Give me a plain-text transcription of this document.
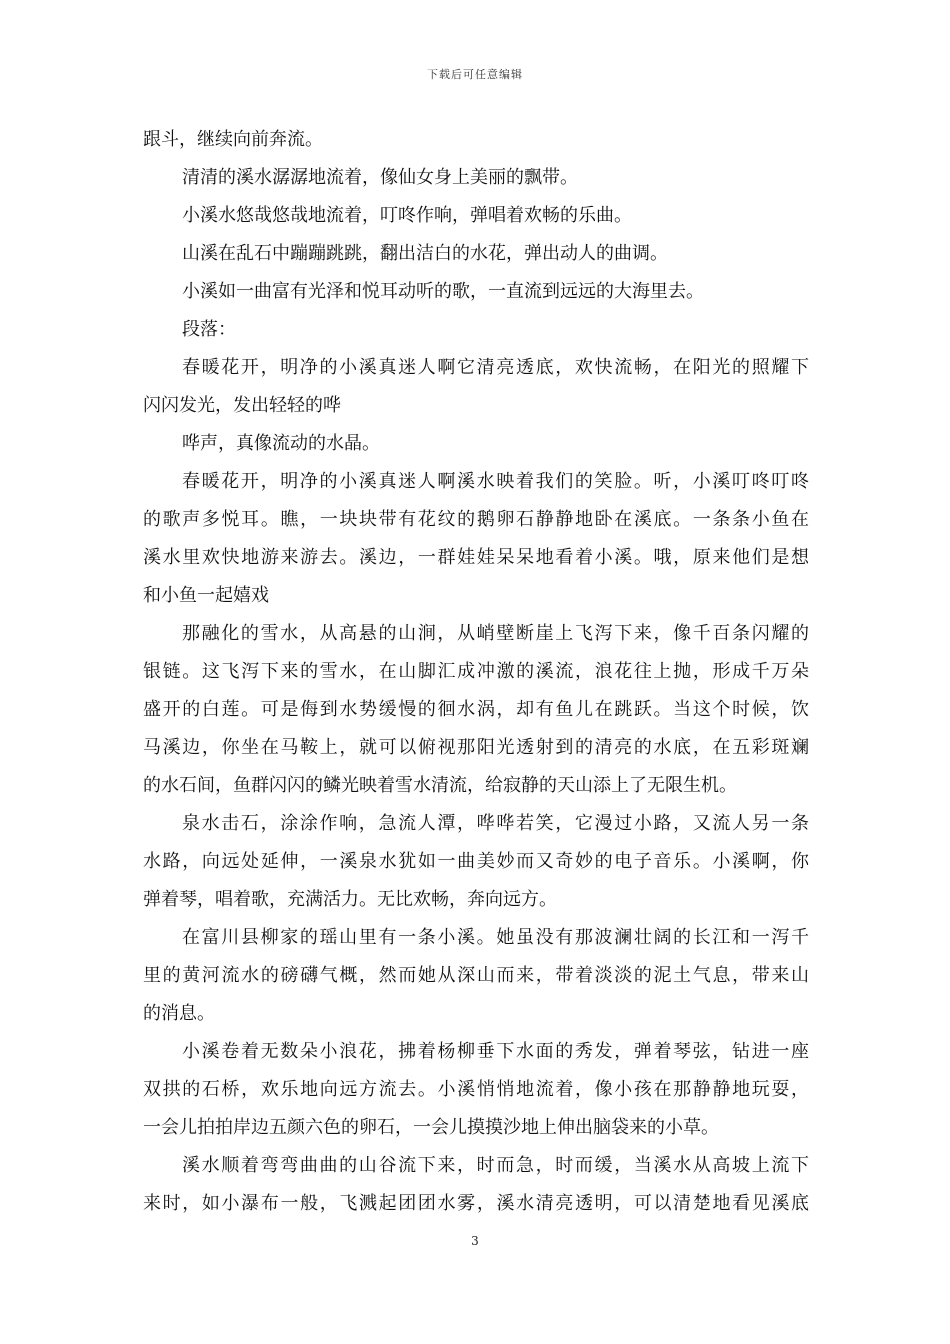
下载后可任意编辑
跟斗，继续向前奔流。
清清的溪水潺潺地流着，像仙女身上美丽的飘带。
小溪水悠哉悠哉地流着，叮咚作响，弹唱着欢畅的乐曲。
山溪在乱石中蹦蹦跳跳，翻出洁白的水花，弹出动人的曲调。
小溪如一曲富有光泽和悦耳动听的歌，一直流到远远的大海里去。
段落：
春暖花开，明净的小溪真迷人啊它清亮透底，欢快流畅，在阳光的照耀下
闪闪发光，发出轻轻的哗
哗声，真像流动的水晶。
春暖花开，明净的小溪真迷人啊溪水映着我们的笑脸。听，小溪叮咚叮咚
的歌声多悦耳。瞧，一块块带有花纹的鹅卵石静静地卧在溪底。一条条小鱼在
溪水里欢快地游来游去。溪边，一群娃娃呆呆地看着小溪。哦，原来他们是想
和小鱼一起嬉戏
那融化的雪水，从高悬的山涧，从峭壁断崖上飞泻下来，像千百条闪耀的
银链。这飞泻下来的雪水，在山脚汇成冲激的溪流，浪花往上抛，形成千万朵
盛开的白莲。可是侮到水势缓慢的徊水涡，却有鱼儿在跳跃。当这个时候，饮
马溪边，你坐在马鞍上，就可以俯视那阳光透射到的清亮的水底，在五彩斑斓
的水石间，鱼群闪闪的鳞光映着雪水清流，给寂静的天山添上了无限生机。
泉水击石，涂涂作响，急流人潭，哗哗若笑，它漫过小路，又流人另一条
水路，向远处延伸，一溪泉水犹如一曲美妙而又奇妙的电子音乐。小溪啊，你
弹着琴，唱着歌，充满活力。无比欢畅，奔向远方。
在富川县柳家的瑶山里有一条小溪。她虽没有那波澜壮阔的长江和一泻千
里的黄河流水的磅礴气概，然而她从深山而来，带着淡淡的泥土气息，带来山
的消息。
小溪卷着无数朵小浪花，拂着杨柳垂下水面的秀发，弹着琴弦，钻进一座
双拱的石桥，欢乐地向远方流去。小溪悄悄地流着，像小孩在那静静地玩耍，
一会儿拍拍岸边五颜六色的卵石，一会儿摸摸沙地上伸出脑袋来的小草。
溪水顺着弯弯曲曲的山谷流下来，时而急，时而缓，当溪水从高坡上流下
来时，如小瀑布一般，飞溅起团团水雾，溪水清亮透明，可以清楚地看见溪底
3
